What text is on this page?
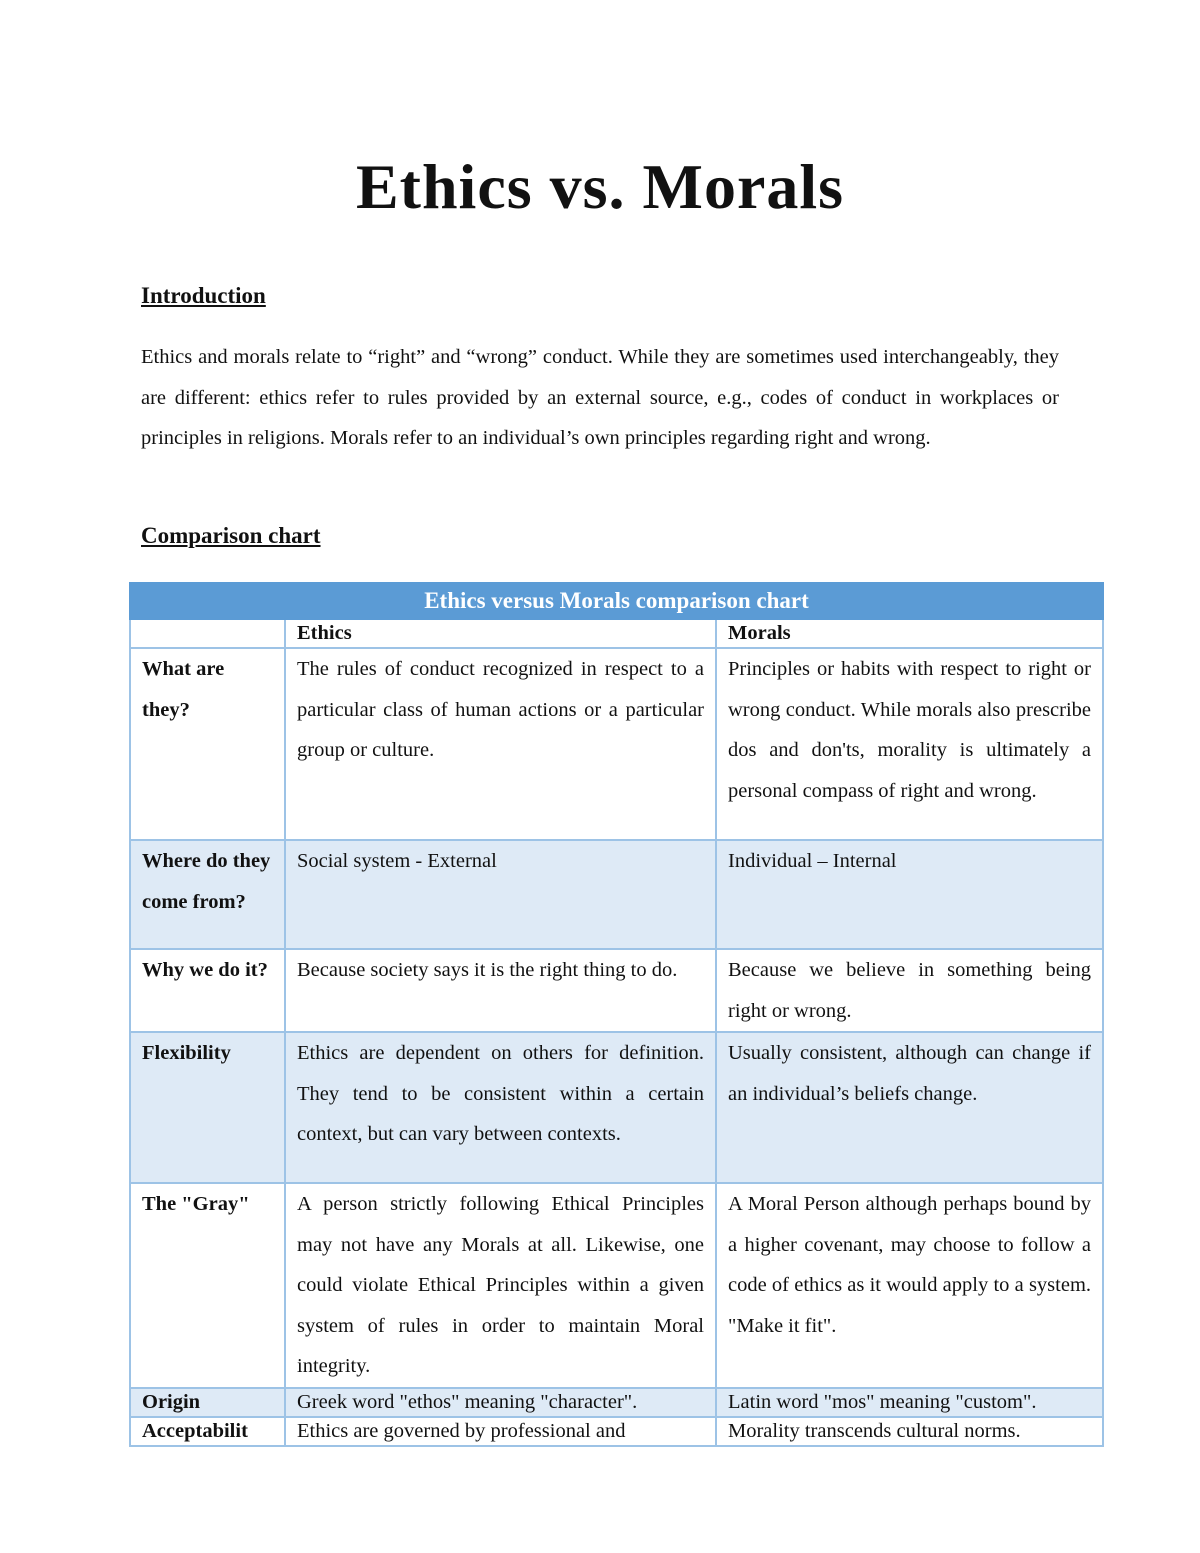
Ethics vs. Morals
Introduction

Ethics and morals relate to “right” and “wrong” conduct. While they are sometimes used interchangeably, they are different: ethics refer to rules provided by an external source, e.g., codes of conduct in workplaces or principles in religions. Morals refer to an individual’s own principles regarding right and wrong.

Comparison chart
Ethics versus Morals comparison chart		
	Ethics	Morals
What are they?	The rules of conduct recognized in respect to a particular class of human actions or a particular group or culture.	Principles or habits with respect to right or wrong conduct. While morals also prescribe dos and don'ts, morality is ultimately a personal compass of right and wrong.
Where do they come from?	Social system - External	Individual – Internal
Why we do it?	Because society says it is the right thing to do.	Because we believe in something being right or wrong.
Flexibility	Ethics are dependent on others for definition. They tend to be consistent within a certain context, but can vary between contexts.	Usually consistent, although can change if an individual’s beliefs change.
The "Gray"	A person strictly following Ethical Principles may not have any Morals at all. Likewise, one could violate Ethical Principles within a given system of rules in order to maintain Moral integrity.	A Moral Person although perhaps bound by a higher covenant, may choose to follow a code of ethics as it would apply to a system. "Make it fit".
Origin	Greek word "ethos" meaning "character".	Latin word "mos" meaning "custom".
Acceptabilit	Ethics are governed by professional and	Morality transcends cultural norms.
